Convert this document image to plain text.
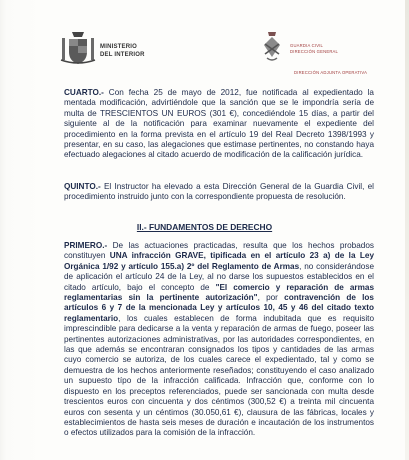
MINISTERIO
DEL INTERIOR
GUARDIA CIVIL
DIRECCIÓN GENERAL
DIRECCIÓN ADJUNTA OPERATIVA
CUARTO.- Con fecha 25 de mayo de 2012, fue notificada al expedientado la mentada modificación, advirtiéndole que la sanción que se le impondría sería de multa de TRESCIENTOS UN EUROS (301 €), concediéndole 15 días, a partir del siguiente al de la notificación para examinar nuevamente el expediente del procedimiento en la forma prevista en el artículo 19 del Real Decreto 1398/1993 y presentar, en su caso, las alegaciones que estimase pertinentes, no constando haya efectuado alegaciones al citado acuerdo de modificación de la calificación jurídica.
QUINTO.- El Instructor ha elevado a esta Dirección General de la Guardia Civil, el procedimiento instruido junto con la correspondiente propuesta de resolución.
II.- FUNDAMENTOS DE DERECHO
PRIMERO.- De las actuaciones practicadas, resulta que los hechos probados constituyen UNA infracción GRAVE, tipificada en el artículo 23 a) de la Ley Orgánica 1/92 y artículo 155.a) 2º del Reglamento de Armas, no considerándose de aplicación el artículo 24 de la Ley, al no darse los supuestos establecidos en el citado artículo, bajo el concepto de "El comercio y reparación de armas reglamentarias sin la pertinente autorización", por contravención de los artículos 6 y 7 de la mencionada Ley y artículos 10, 45 y 46 del citado texto reglamentario, los cuales establecen de forma indubitada que es requisito imprescindible para dedicarse a la venta y reparación de armas de fuego, poseer las pertinentes autorizaciones administrativas, por las autoridades correspondientes, en las que además se encontraran consignados los tipos y cantidades de las armas cuyo comercio se autoriza, de los cuales carece el expedientado, tal y como se demuestra de los hechos anteriormente reseñados; constituyendo el caso analizado un supuesto típo de la infracción calificada. Infracción que, conforme con lo dispuesto en los preceptos referenciados, puede ser sancionada con multa desde trescientos euros con cincuenta y dos céntimos (300,52 €) a treinta mil cincuenta euros con sesenta y un céntimos (30.050,61 €), clausura de las fábricas, locales y establecimientos de hasta seis meses de duración e incautación de los instrumentos o efectos utilizados para la comisión de la infracción.
